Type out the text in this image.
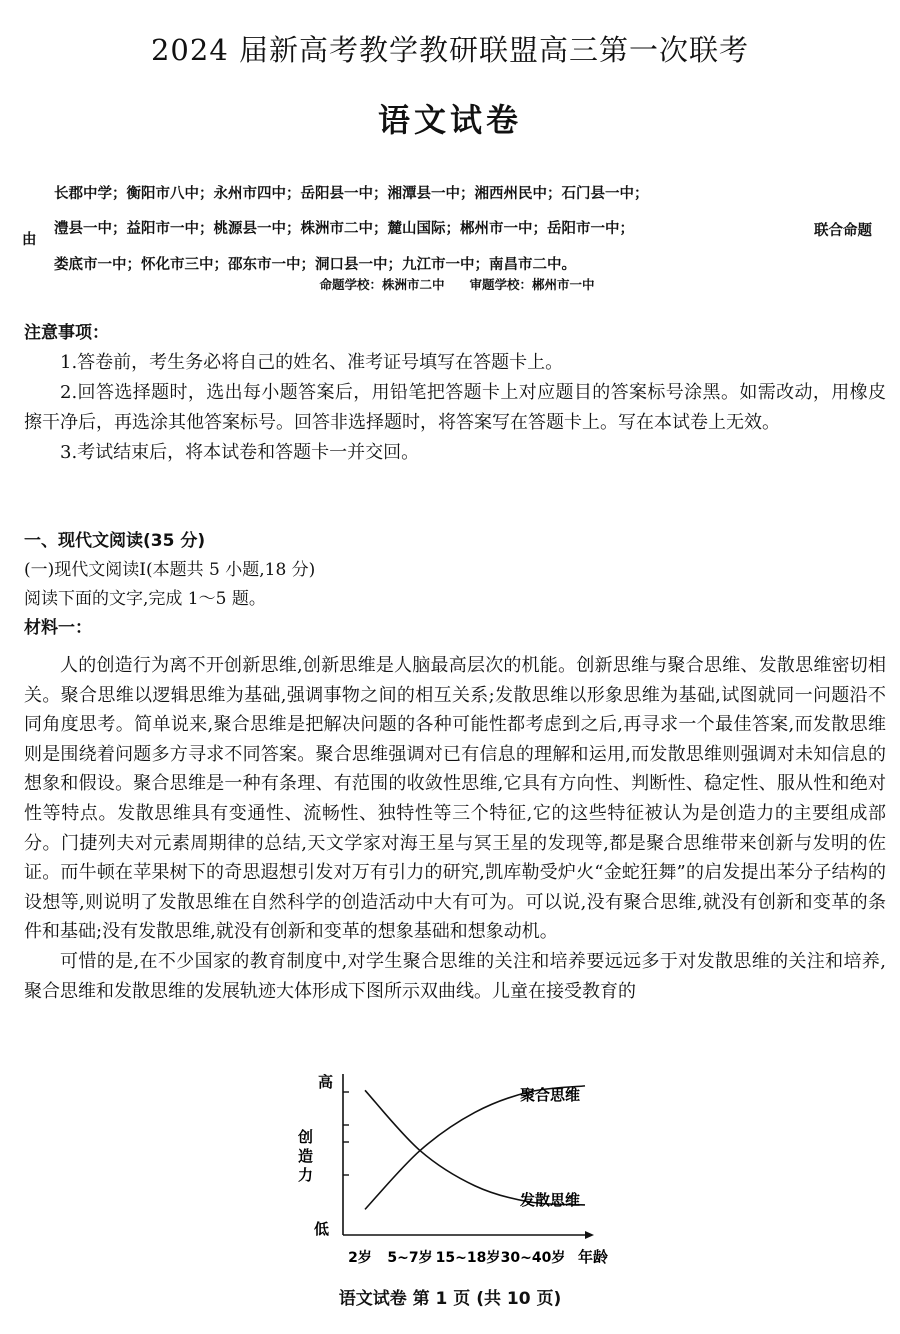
2024 届新高考教学教研联盟高三第一次联考
语文试卷
由
长郡中学；衡阳市八中；永州市四中；岳阳县一中；湘潭县一中；湘西州民中；石门县一中；
澧县一中；益阳市一中；桃源县一中；株洲市二中；麓山国际；郴州市一中；岳阳市一中；
娄底市一中；怀化市三中；邵东市一中；洞口县一中；九江市一中；南昌市二中。
联合命题
命题学校：株洲市二中　　审题学校：郴州市一中
注意事项：

1.答卷前，考生务必将自己的姓名、准考证号填写在答题卡上。

2.回答选择题时，选出每小题答案后，用铅笔把答题卡上对应题目的答案标号涂黑。如需改动，用橡皮擦干净后，再选涂其他答案标号。回答非选择题时，将答案写在答题卡上。写在本试卷上无效。

3.考试结束后，将本试卷和答题卡一并交回。

一、现代文阅读(35 分)
(一)现代文阅读Ⅰ(本题共 5 小题,18 分)
阅读下面的文字,完成 1～5 题。
材料一：

人的创造行为离不开创新思维,创新思维是人脑最高层次的机能。创新思维与聚合思维、发散思维密切相关。聚合思维以逻辑思维为基础,强调事物之间的相互关系;发散思维以形象思维为基础,试图就同一问题沿不同角度思考。简单说来,聚合思维是把解决问题的各种可能性都考虑到之后,再寻求一个最佳答案,而发散思维则是围绕着问题多方寻求不同答案。聚合思维强调对已有信息的理解和运用,而发散思维则强调对未知信息的想象和假设。聚合思维是一种有条理、有范围的收敛性思维,它具有方向性、判断性、稳定性、服从性和绝对性等特点。发散思维具有变通性、流畅性、独特性等三个特征,它的这些特征被认为是创造力的主要组成部分。门捷列夫对元素周期律的总结,天文学家对海王星与冥王星的发现等,都是聚合思维带来创新与发明的佐证。而牛顿在苹果树下的奇思遐想引发对万有引力的研究,凯库勒受炉火“金蛇狂舞”的启发提出苯分子结构的设想等,则说明了发散思维在自然科学的创造活动中大有可为。可以说,没有聚合思维,就没有创新和变革的条件和基础;没有发散思维,就没有创新和变革的想象基础和想象动机。

可惜的是,在不少国家的教育制度中,对学生聚合思维的关注和培养要远远多于对发散思维的关注和培养,聚合思维和发散思维的发展轨迹大体形成下图所示双曲线。儿童在接受教育的

高
低
创造力
2岁 5~7岁 15~18岁 30~40岁 年龄
聚合思维
发散思维
语文试卷 第 1 页 (共 10 页)
